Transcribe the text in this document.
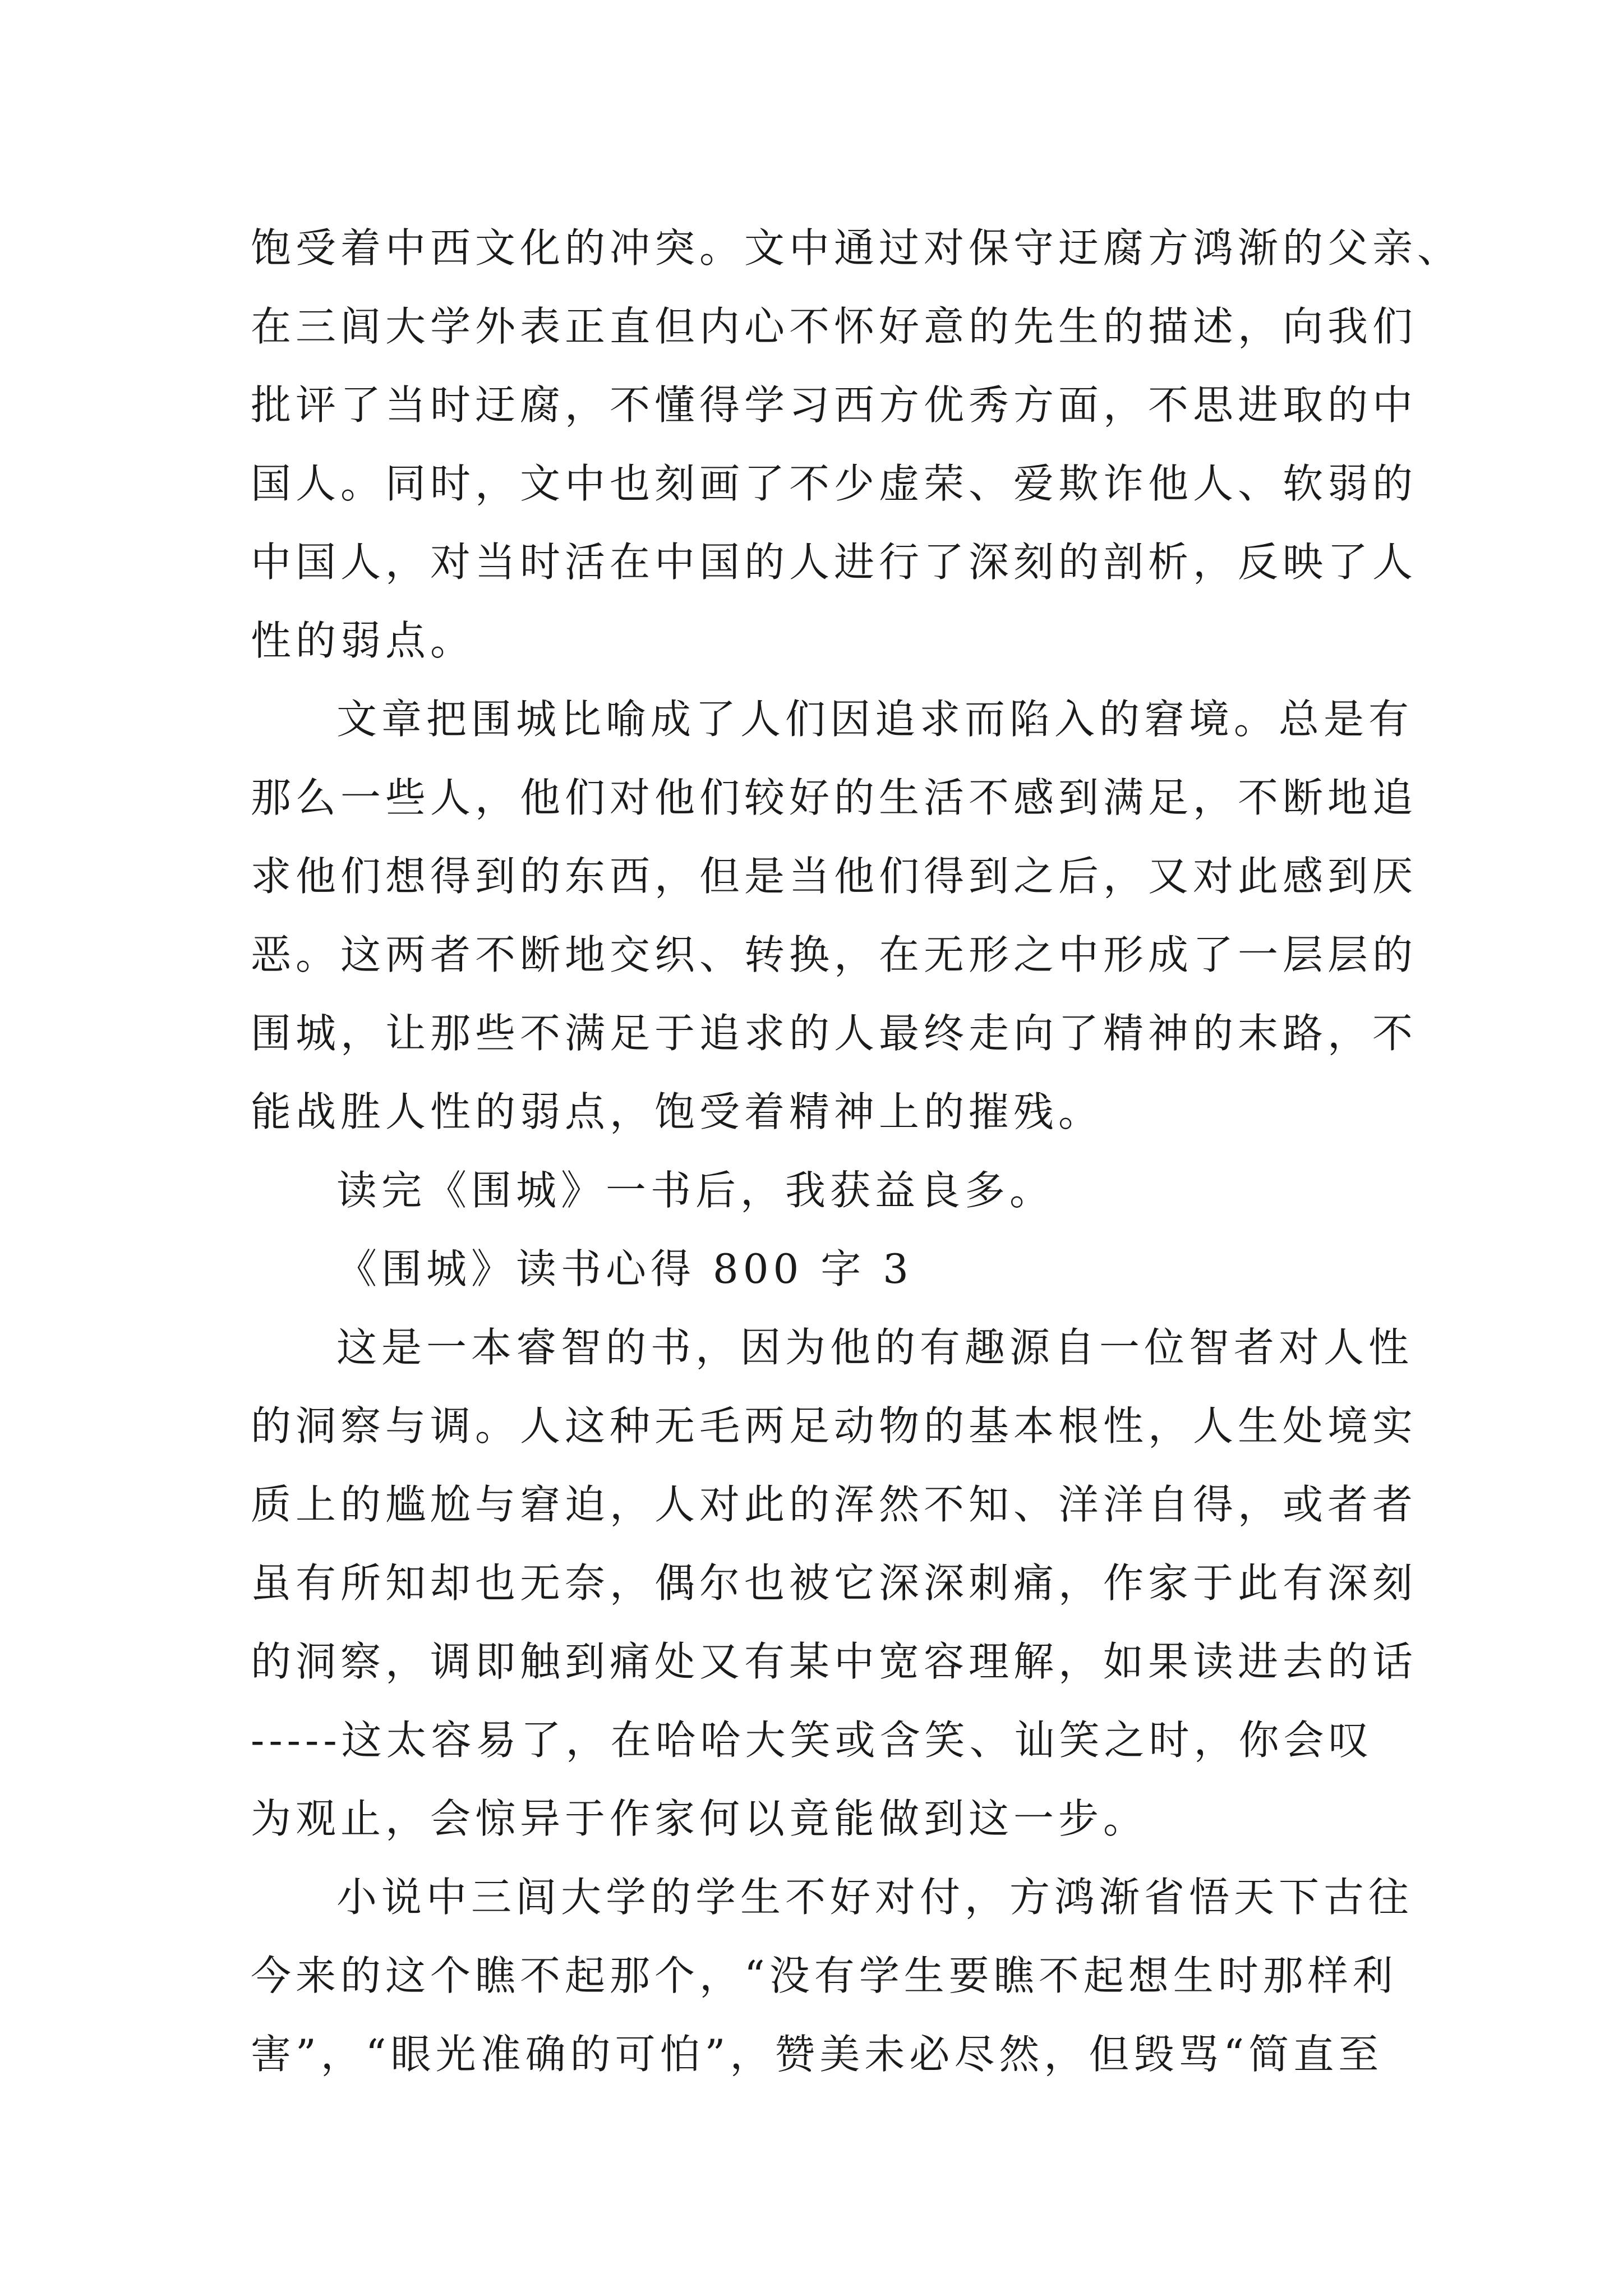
饱受着中西文化的冲突。文中通过对保守迂腐方鸿渐的父亲、
在三闾大学外表正直但内心不怀好意的先生的描述，向我们
批评了当时迂腐，不懂得学习西方优秀方面，不思进取的中
国人。同时，文中也刻画了不少虚荣、爱欺诈他人、软弱的
中国人，对当时活在中国的人进行了深刻的剖析，反映了人
性的弱点。
文章把围城比喻成了人们因追求而陷入的窘境。总是有
那么一些人，他们对他们较好的生活不感到满足，不断地追
求他们想得到的东西，但是当他们得到之后，又对此感到厌
恶。这两者不断地交织、转换，在无形之中形成了一层层的
围城，让那些不满足于追求的人最终走向了精神的末路，不
能战胜人性的弱点，饱受着精神上的摧残。
读完《围城》一书后，我获益良多。
《围城》读书心得 800 字 3
这是一本睿智的书，因为他的有趣源自一位智者对人性
的洞察与调。人这种无毛两足动物的基本根性，人生处境实
质上的尴尬与窘迫，人对此的浑然不知、洋洋自得，或者者
虽有所知却也无奈，偶尔也被它深深刺痛，作家于此有深刻
的洞察，调即触到痛处又有某中宽容理解，如果读进去的话
-----这太容易了，在哈哈大笑或含笑、讪笑之时，你会叹
为观止，会惊异于作家何以竟能做到这一步。
小说中三闾大学的学生不好对付，方鸿渐省悟天下古往
今来的这个瞧不起那个，“没有学生要瞧不起想生时那样利
害”，“眼光准确的可怕”，赞美未必尽然，但毁骂“简直至
